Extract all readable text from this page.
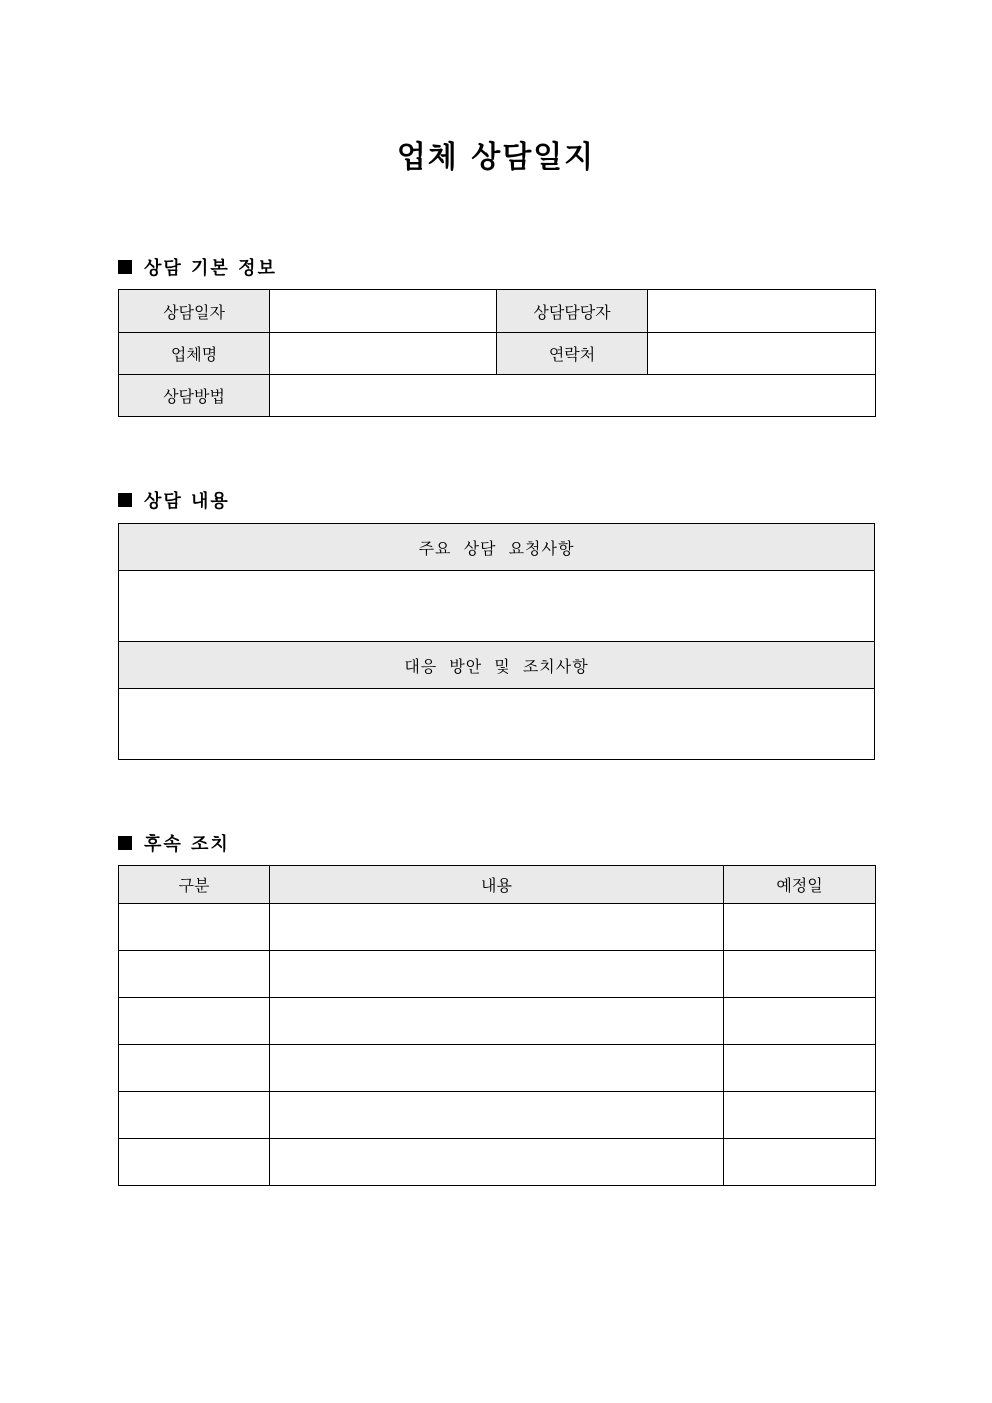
업체 상담일지
상담 기본 정보
상담일자		상담담당자	
업체명		연락처	
상담방법			
상담 내용
주요 상담 요청사항

대응 방안 및 조치사항

후속 조치
구분	내용	예정일
